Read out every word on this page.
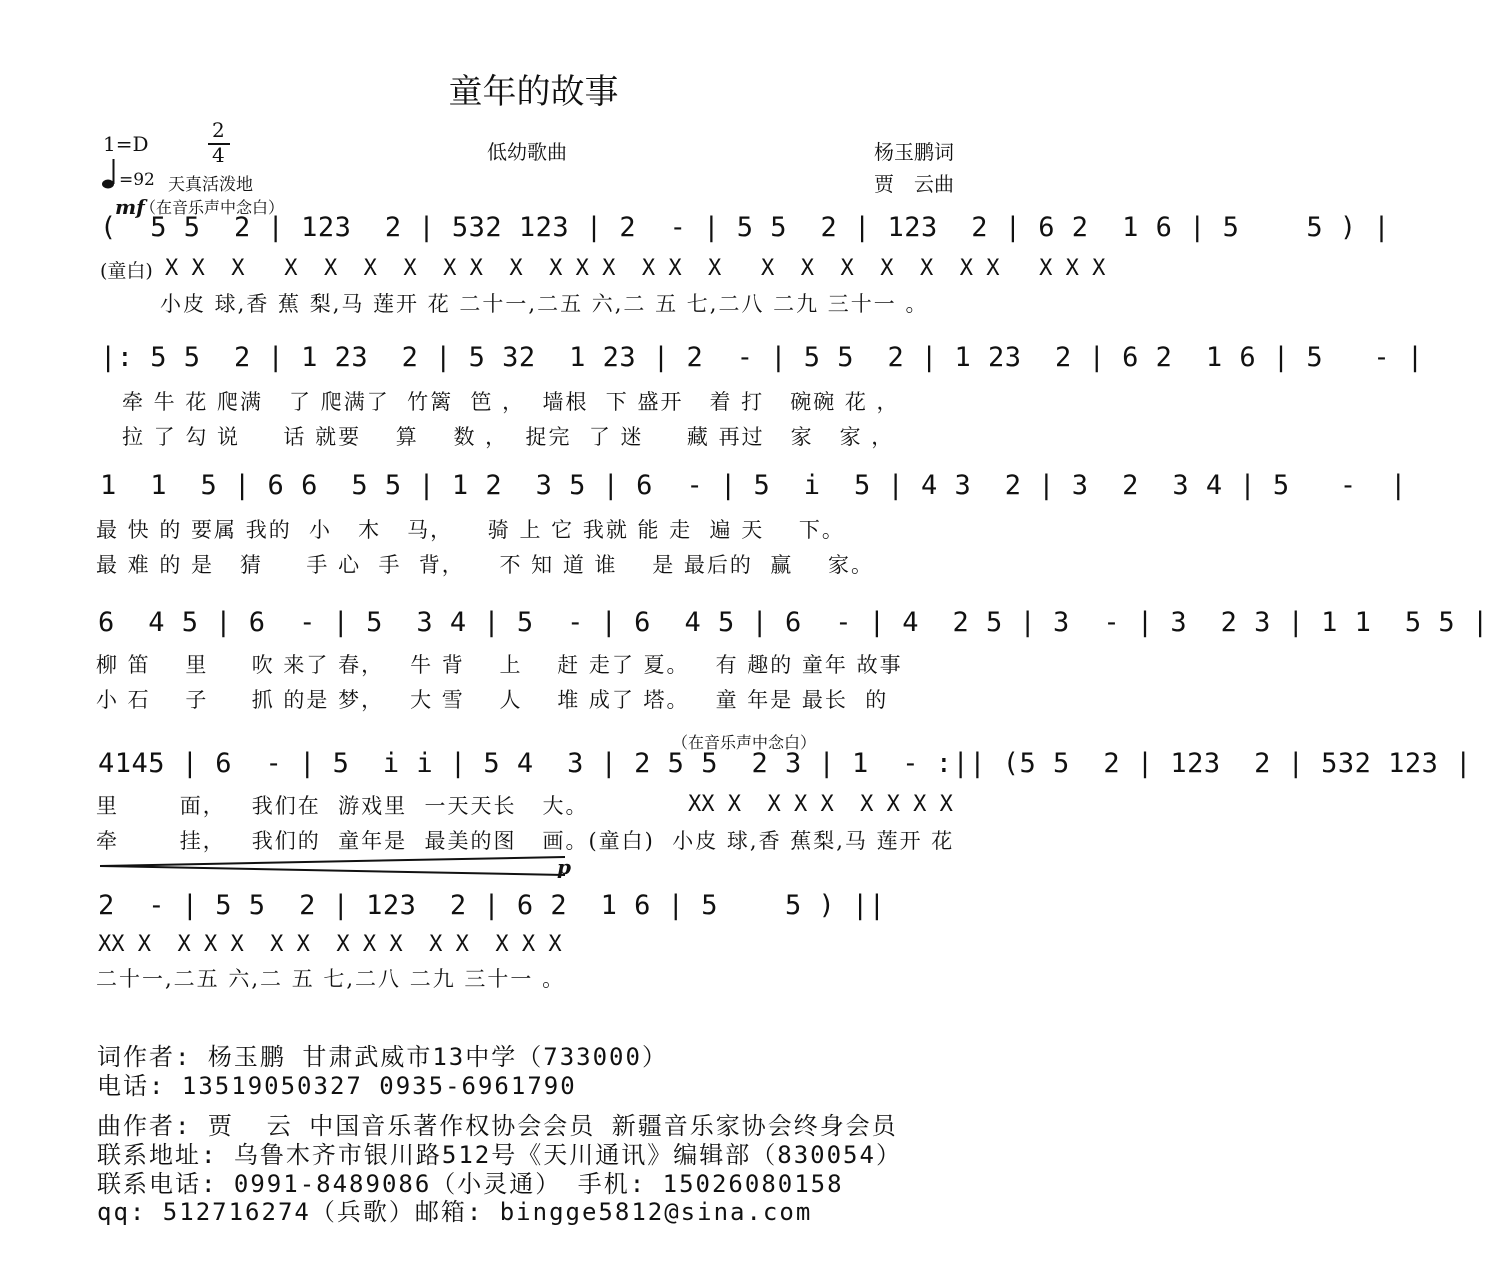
童年的故事
1=D
2
4	低幼歌曲	杨玉鹏词
贾　云曲
=92 天真活泼地
mf
（在音乐声中念白）
(  5 5  2 | 123  2 | 532 123 | 2  - | 5 5  2 | 123  2 | 6 2  1 6 | 5    5 ) |
(童白) X X  X   X  X  X  X  X X  X  X X X  X X  X   X  X  X  X  X  X X   X X X
小皮 球,香 蕉 梨,马 莲开 花 二十一,二五 六,二 五 七,二八 二九 三十一 。
|: 5 5  2 | 1 23  2 | 5 32  1 23 | 2  - | 5 5  2 | 1 23  2 | 6 2  1 6 | 5   - |
牵 牛 花 爬满   了 爬满了  竹篱  笆 ，  墙根  下 盛开   着 打   碗碗 花 ，
拉 了 勾 说     话 就要    算    数 ，  捉完  了 迷     藏 再过   家   家 ，
1  1  5 | 6 6  5 5 | 1 2  3 5 | 6  - | 5  i  5 | 4 3  2 | 3  2  3 4 | 5   -  |
最 快 的 要属 我的  小   木   马，    骑 上 它 我就 能 走  遍 天    下。
最 难 的 是   猜     手 心  手  背，    不 知 道 谁    是 最后的  赢    家。
6  4 5 | 6  - | 5  3 4 | 5  - | 6  4 5 | 6  - | 4  2 5 | 3  - | 3  2 3 | 1 1  5 5 |
柳 笛    里     吹 来了 春，   牛 背    上    赶 走了 夏。   有 趣的 童年 故事
小 石    子     抓 的是 梦，   大 雪    人    堆 成了 塔。   童 年是 最长  的
（在音乐声中念白）
4145 | 6  - | 5  i i | 5 4  3 | 2 5 5  2 3 | 1  - :|| (5 5  2 | 123  2 | 532 123 |
里       面，   我们在  游戏里  一天天长   大。	XX X  X X X  X X X X
牵       挂，   我们的  童年是  最美的图   画。(童白)  小皮 球,香 蕉梨,马 莲开 花
p
2  - | 5 5  2 | 123  2 | 6 2  1 6 | 5    5 ) ||
XX X  X X X  X X  X X X  X X  X X X
二十一,二五 六,二 五 七,二八 二九 三十一 。
词作者: 杨玉鹏 甘肃武威市13中学（733000）
电话: 13519050327 0935-6961790
曲作者: 贾  云 中国音乐著作权协会会员 新疆音乐家协会终身会员
联系地址: 乌鲁木齐市银川路512号《天川通讯》编辑部（830054）
联系电话: 0991-8489086（小灵通） 手机: 15026080158
qq: 512716274（兵歌）邮箱: bingge5812@sina.com
